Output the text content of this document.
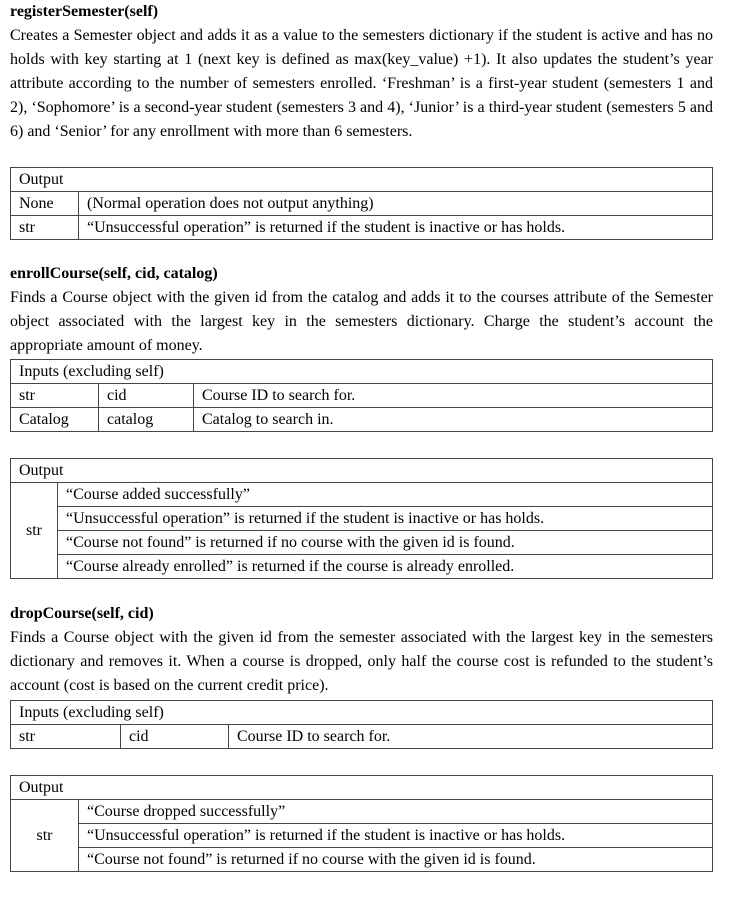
registerSemester(self)
Creates a Semester object and adds it as a value to the semesters dictionary if the student is active and has no holds with key starting at 1 (next key is defined as max(key_value) +1). It also updates the student’s year attribute according to the number of semesters enrolled. ‘Freshman’ is a first-year student (semesters 1 and 2), ‘Sophomore’ is a second-year student (semesters 3 and 4), ‘Junior’ is a third-year student (semesters 5 and 6) and ‘Senior’ for any enrollment with more than 6 semesters.
Output	
None	(Normal operation does not output anything)
str	“Unsuccessful operation” is returned if the student is inactive or has holds.
enrollCourse(self, cid, catalog)
Finds a Course object with the given id from the catalog and adds it to the courses attribute of the Semester object associated with the largest key in the semesters dictionary. Charge the student’s account the appropriate amount of money.
Inputs (excluding self)		
str	cid	Course ID to search for.
Catalog	catalog	Catalog to search in.
Output
str	“Course added successfully”
“Unsuccessful operation” is returned if the student is inactive or has holds.
“Course not found” is returned if no course with the given id is found.
“Course already enrolled” is returned if the course is already enrolled.
dropCourse(self, cid)
Finds a Course object with the given id from the semester associated with the largest key in the semesters dictionary and removes it. When a course is dropped, only half the course cost is refunded to the student’s account (cost is based on the current credit price).
Inputs (excluding self)
str	cid	Course ID to search for.
Output
str	“Course dropped successfully”
“Unsuccessful operation” is returned if the student is inactive or has holds.
“Course not found” is returned if no course with the given id is found.
